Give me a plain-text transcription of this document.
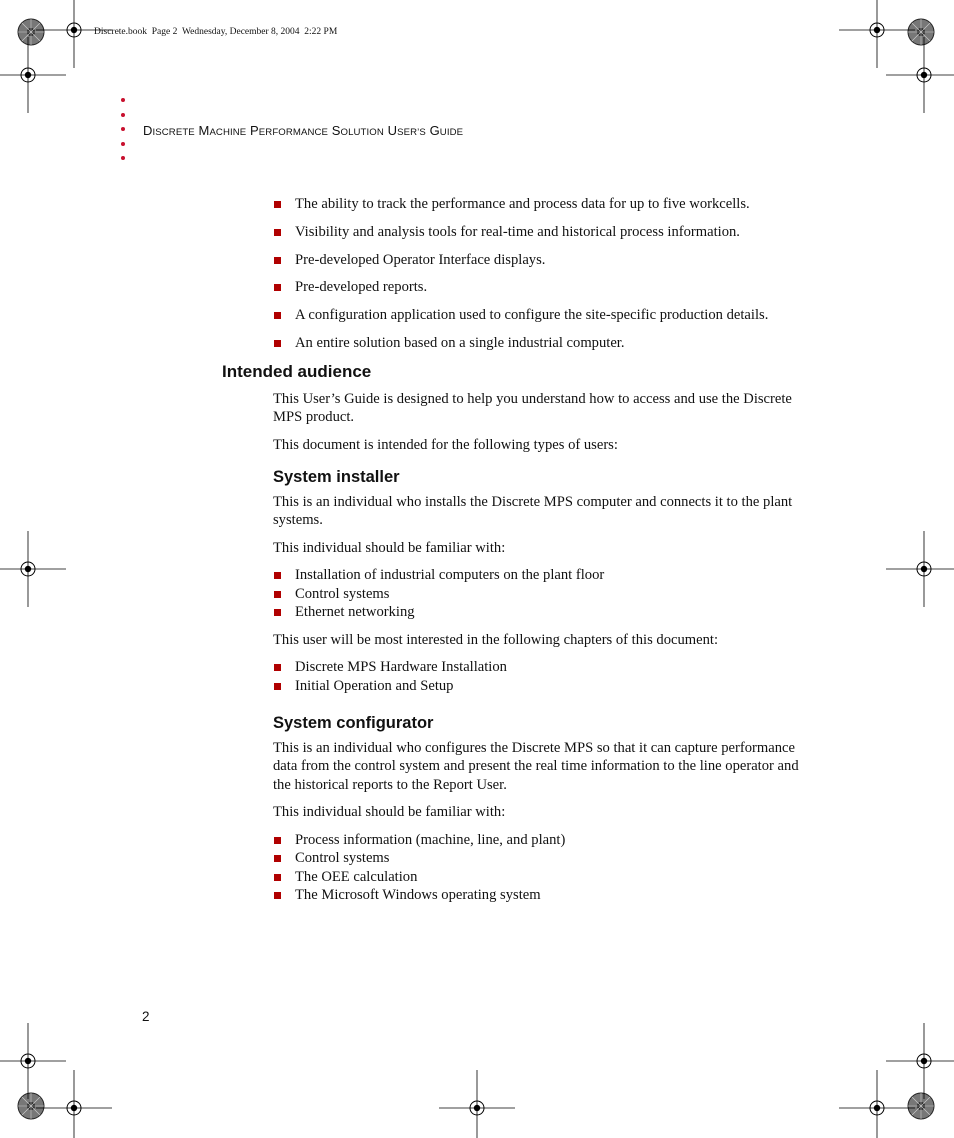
Discrete.book  Page 2  Wednesday, December 8, 2004  2:22 PM
DISCRETE MACHINE PERFORMANCE SOLUTION USER’S GUIDE
The ability to track the performance and process data for up to five workcells.
Visibility and analysis tools for real-time and historical process information.
Pre-developed Operator Interface displays.
Pre-developed reports.
A configuration application used to configure the site-specific production details.
An entire solution based on a single industrial computer.
Intended audience

This User’s Guide is designed to help you understand how to access and use the Discrete MPS product.

This document is intended for the following types of users:

System installer

This is an individual who installs the Discrete MPS computer and connects it to the plant systems.

This individual should be familiar with:

Installation of industrial computers on the plant floor
Control systems
Ethernet networking

This user will be most interested in the following chapters of this document:

Discrete MPS Hardware Installation
Initial Operation and Setup
System configurator

This is an individual who configures the Discrete MPS so that it can capture performance data from the control system and present the real time information to the line operator and the historical reports to the Report User.

This individual should be familiar with:

Process information (machine, line, and plant)
Control systems
The OEE calculation
The Microsoft Windows operating system
2
